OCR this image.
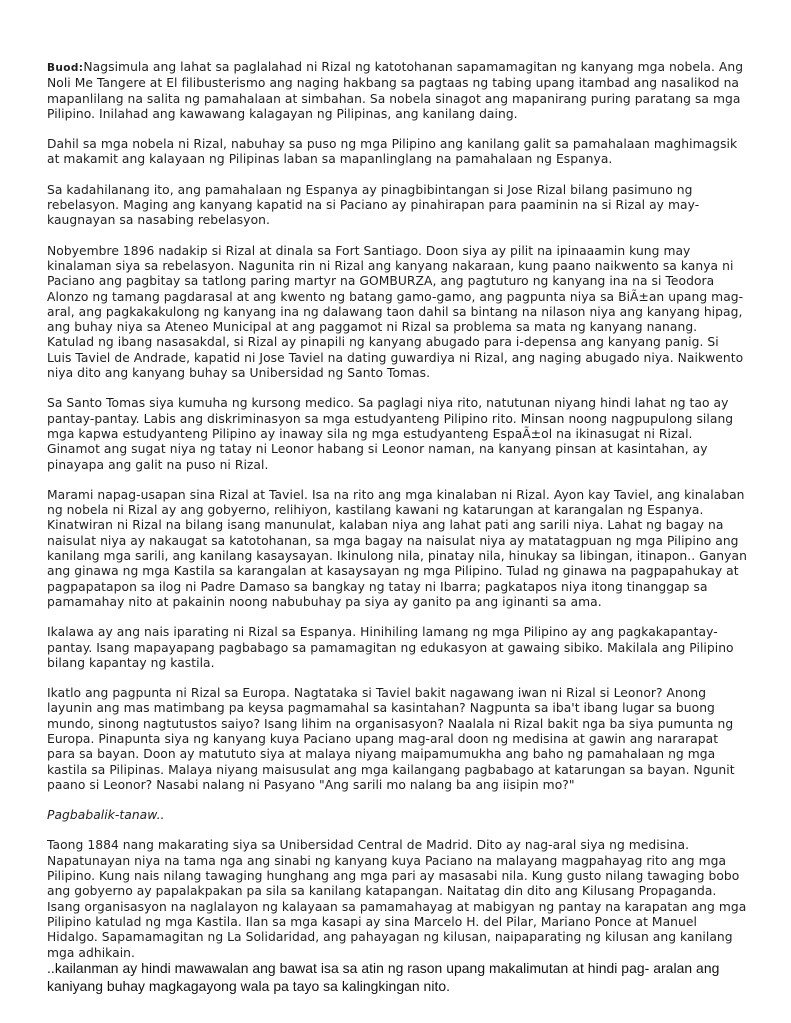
Buod:Nagsimula ang lahat sa paglalahad ni Rizal ng katotohanan sapamamagitan ng kanyang mga nobela. Ang Noli Me Tangere at El filibusterismo ang naging hakbang sa pagtaas ng tabing upang itambad ang nasalikod na mapanlilang na salita ng pamahalaan at simbahan. Sa nobela sinagot ang mapanirang puring paratang sa mga Pilipino. Inilahad ang kawawang kalagayan ng Pilipinas, ang kanilang daing.

Dahil sa mga nobela ni Rizal, nabuhay sa puso ng mga Pilipino ang kanilang galit sa pamahalaan maghimagsik at makamit ang kalayaan ng Pilipinas laban sa mapanlinglang na pamahalaan ng Espanya.

Sa kadahilanang ito, ang pamahalaan ng Espanya ay pinagbibintangan si Jose Rizal bilang pasimuno ng rebelasyon. Maging ang kanyang kapatid na si Paciano ay pinahirapan para paaminin na si Rizal ay may-kaugnayan sa nasabing rebelasyon.

Nobyembre 1896 nadakip si Rizal at dinala sa Fort Santiago. Doon siya ay pilit na ipinaaamin kung may kinalaman siya sa rebelasyon. Nagunita rin ni Rizal ang kanyang nakaraan, kung paano naikwento sa kanya ni Paciano ang pagbitay sa tatlong paring martyr na GOMBURZA, ang pagtuturo ng kanyang ina na si Teodora Alonzo ng tamang pagdarasal at ang kwento ng batang gamo-gamo, ang pagpunta niya sa BiÃ±an upang mag-aral, ang pagkakakulong ng kanyang ina ng dalawang taon dahil sa bintang na nilason niya ang kanyang hipag, ang buhay niya sa Ateneo Municipal at ang paggamot ni Rizal sa problema sa mata ng kanyang nanang. Katulad ng ibang nasasakdal, si Rizal ay pinapili ng kanyang abugado para i-depensa ang kanyang panig. Si Luis Taviel de Andrade, kapatid ni Jose Taviel na dating guwardiya ni Rizal, ang naging abugado niya. Naikwento niya dito ang kanyang buhay sa Unibersidad ng Santo Tomas.

Sa Santo Tomas siya kumuha ng kursong medico. Sa paglagi niya rito, natutunan niyang hindi lahat ng tao ay pantay-pantay. Labis ang diskriminasyon sa mga estudyanteng Pilipino rito. Minsan noong nagpupulong silang mga kapwa estudyanteng Pilipino ay inaway sila ng mga estudyanteng EspaÃ±ol na ikinasugat ni Rizal. Ginamot ang sugat niya ng tatay ni Leonor habang si Leonor naman, na kanyang pinsan at kasintahan, ay pinayapa ang galit na puso ni Rizal.

Marami napag-usapan sina Rizal at Taviel. Isa na rito ang mga kinalaban ni Rizal. Ayon kay Taviel, ang kinalaban ng nobela ni Rizal ay ang gobyerno, relihiyon, kastilang kawani ng katarungan at karangalan ng Espanya. Kinatwiran ni Rizal na bilang isang manunulat, kalaban niya ang lahat pati ang sarili niya. Lahat ng bagay na naisulat niya ay nakaugat sa katotohanan, sa mga bagay na naisulat niya ay matatagpuan ng mga Pilipino ang kanilang mga sarili, ang kanilang kasaysayan. Ikinulong nila, pinatay nila, hinukay sa libingan, itinapon.. Ganyan ang ginawa ng mga Kastila sa karangalan at kasaysayan ng mga Pilipino. Tulad ng ginawa na pagpapahukay at pagpapatapon sa ilog ni Padre Damaso sa bangkay ng tatay ni Ibarra; pagkatapos niya itong tinanggap sa pamamahay nito at pakainin noong nabubuhay pa siya ay ganito pa ang iginanti sa ama.

Ikalawa ay ang nais iparating ni Rizal sa Espanya. Hinihiling lamang ng mga Pilipino ay ang pagkakapantay-pantay. Isang mapayapang pagbabago sa pamamagitan ng edukasyon at gawaing sibiko. Makilala ang Pilipino bilang kapantay ng kastila.

Ikatlo ang pagpunta ni Rizal sa Europa. Nagtataka si Taviel bakit nagawang iwan ni Rizal si Leonor? Anong layunin ang mas matimbang pa keysa pagmamahal sa kasintahan? Nagpunta sa iba't ibang lugar sa buong mundo, sinong nagtutustos saiyo? Isang lihim na organisasyon? Naalala ni Rizal bakit nga ba siya pumunta ng Europa. Pinapunta siya ng kanyang kuya Paciano upang mag-aral doon ng medisina at gawin ang nararapat para sa bayan. Doon ay matututo siya at malaya niyang maipamumukha ang baho ng pamahalaan ng mga kastila sa Pilipinas. Malaya niyang maisusulat ang mga kailangang pagbabago at katarungan sa bayan. Ngunit paano si Leonor? Nasabi nalang ni Pasyano "Ang sarili mo nalang ba ang iisipin mo?"

Pagbabalik-tanaw..

Taong 1884 nang makarating siya sa Unibersidad Central de Madrid. Dito ay nag-aral siya ng medisina. Napatunayan niya na tama nga ang sinabi ng kanyang kuya Paciano na malayang magpahayag rito ang mga Pilipino. Kung nais nilang tawaging hunghang ang mga pari ay masasabi nila. Kung gusto nilang tawaging bobo ang gobyerno ay papalakpakan pa sila sa kanilang katapangan. Naitatag din dito ang Kilusang Propaganda. Isang organisasyon na naglalayon ng kalayaan sa pamamahayag at mabigyan ng pantay na karapatan ang mga Pilipino katulad ng mga Kastila. Ilan sa mga kasapi ay sina Marcelo H. del Pilar, Mariano Ponce at Manuel Hidalgo. Sapamamagitan ng La Solidaridad, ang pahayagan ng kilusan, naipaparating ng kilusan ang kanilang mga adhikain.

..kailanman ay hindi mawawalan ang bawat isa sa atin ng rason upang makalimutan at hindi pag- aralan ang kaniyang buhay magkagayong wala pa tayo sa kalingkingan nito.
